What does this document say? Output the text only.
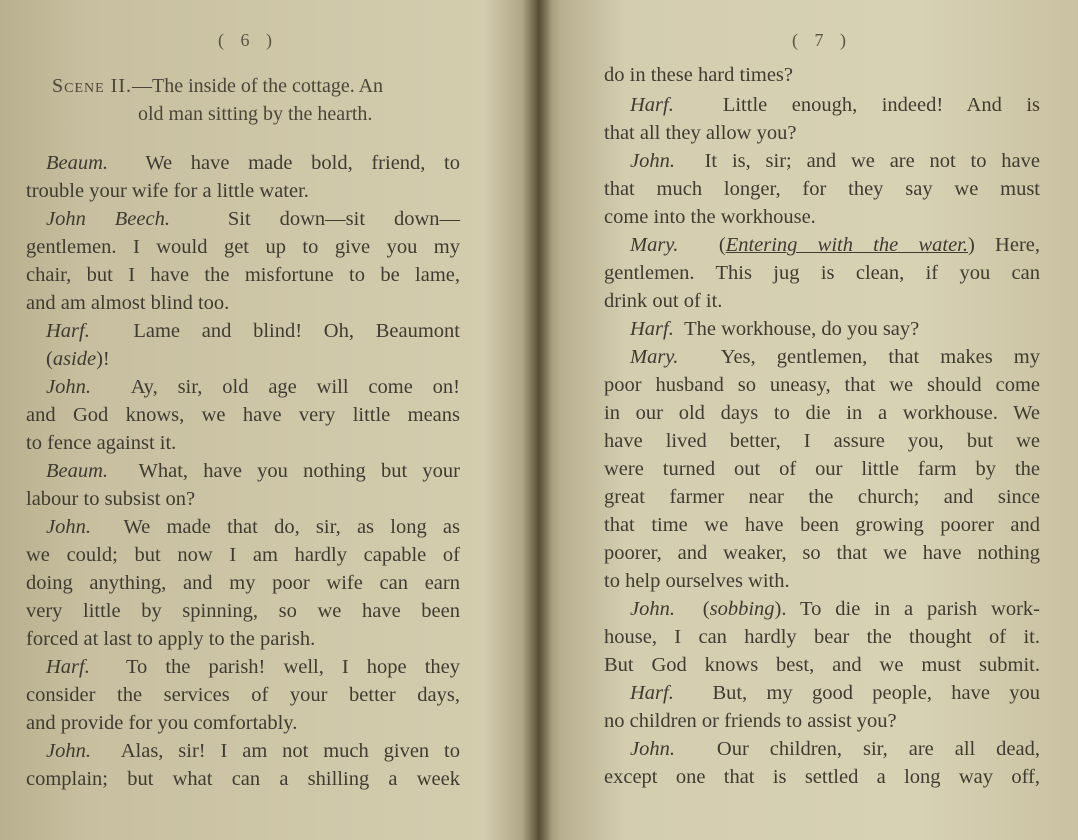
( 6 )
Scene II.—The inside of the cottage. An
old man sitting by the hearth.
Beaum. We have made bold, friend, to
trouble your wife for a little water.
John Beech.	Sit down—sit down—
gentlemen. I would get up to give you my
chair, but I have the misfortune to be lame,
and am almost blind too.
Harf. Lame and blind! Oh, Beaumont
(aside)!
John. Ay, sir, old age will come on!
and God knows, we have very little means
to fence against it.
Beaum. What, have you nothing but your
labour to subsist on?
John. We made that do, sir, as long as
we could; but now I am hardly capable of
doing anything, and my poor wife can earn
very little by spinning, so we have been
forced at last to apply to the parish.
Harf. To the parish! well, I hope they
consider the services of your better days,
and provide for you comfortably.
John. Alas, sir! I am not much given to
complain; but what can a shilling a week
( 7 )
do in these hard times?
Harf. Little enough, indeed! And is
that all they allow you?
John. It is, sir; and we are not to have
that much longer, for they say we must
come into the workhouse.
Mary. (Entering with the water.) Here,
gentlemen. This jug is clean, if you can
drink out of it.
Harf. The workhouse, do you say?
Mary. Yes, gentlemen, that makes my
poor husband so uneasy, that we should come
in our old days to die in a workhouse. We
have lived better, I assure you, but we
were turned out of our little farm by the
great farmer near the church; and since
that time we have been growing poorer and
poorer, and weaker, so that we have nothing
to help ourselves with.
John. (sobbing). To die in a parish work-
house, I can hardly bear the thought of it.
But God knows best, and we must submit.
Harf. But, my good people, have you
no children or friends to assist you?
John. Our children, sir, are all dead,
except one that is settled a long way off,
